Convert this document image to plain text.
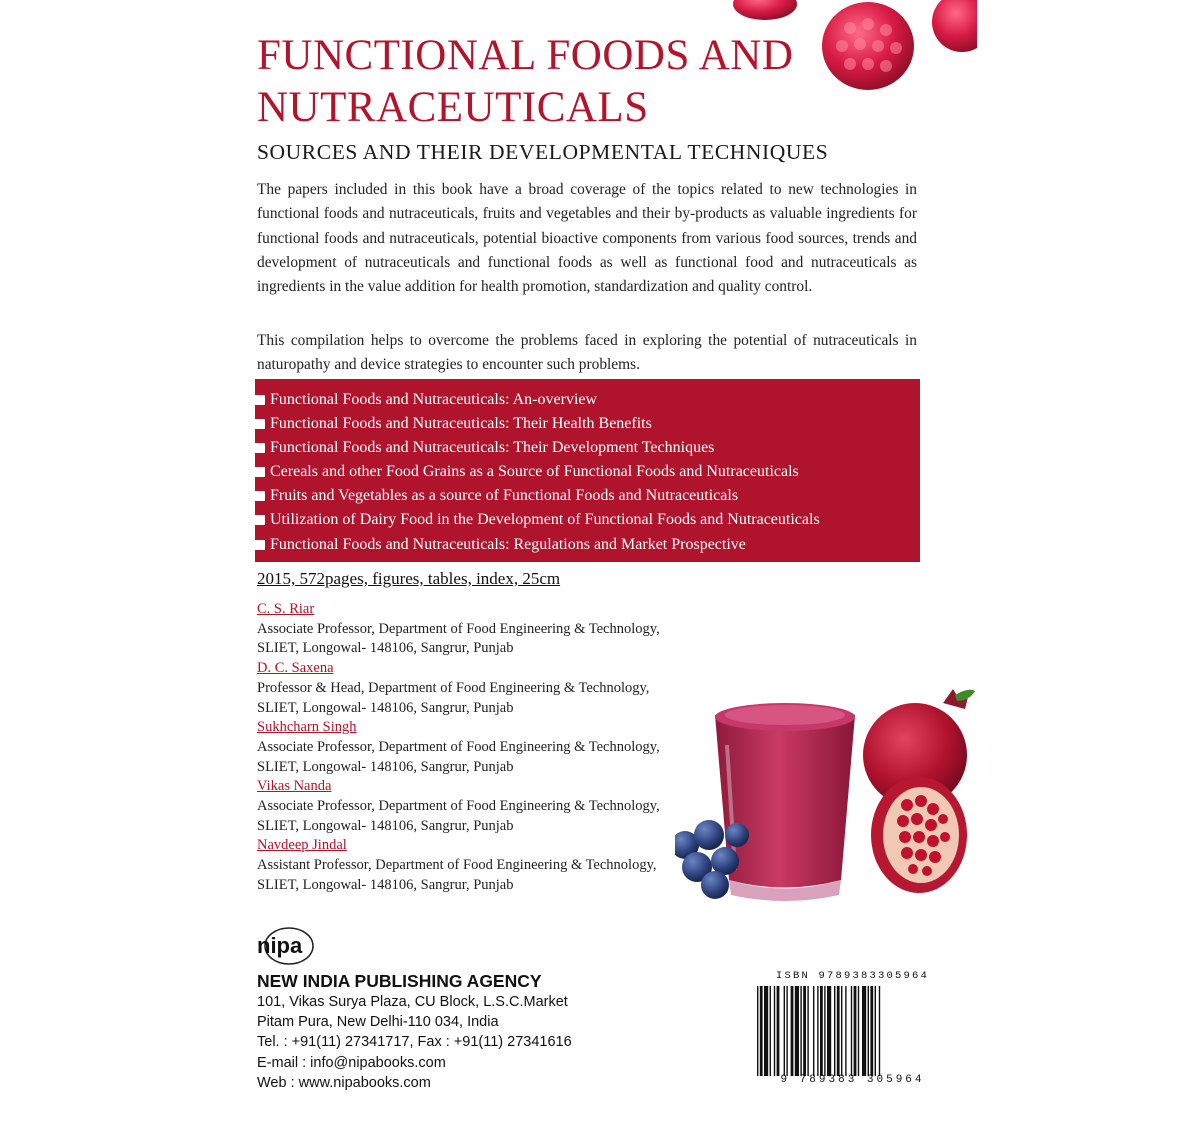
FUNCTIONAL FOODS AND NUTRACEUTICALS

SOURCES AND THEIR DEVELOPMENTAL TECHNIQUES

The papers included in this book have a broad coverage of the topics related to new technologies in functional foods and nutraceuticals, fruits and vegetables and their by-products as valuable ingredients for functional foods and nutraceuticals, potential bioactive components from various food sources, trends and development of nutraceuticals and functional foods as well as functional food and nutraceuticals as ingredients in the value addition for health promotion, standardization and quality control.

This compilation helps to overcome the problems faced in exploring the potential of nutraceuticals in naturopathy and device strategies to encounter such problems.

Functional Foods and Nutraceuticals: An-overview
Functional Foods and Nutraceuticals: Their Health Benefits
Functional Foods and Nutraceuticals: Their Development Techniques
Cereals and other Food Grains as a Source of Functional Foods and Nutraceuticals
Fruits and Vegetables as a source of Functional Foods and Nutraceuticals
Utilization of Dairy Food in the Development of Functional Foods and Nutraceuticals
Functional Foods and Nutraceuticals: Regulations and Market Prospective

2015, 572pages, figures, tables, index, 25cm

C. S. Riar
Associate Professor, Department of Food Engineering & Technology,
SLIET, Longowal- 148106, Sangrur, Punjab
D. C. Saxena
Professor & Head, Department of Food Engineering & Technology,
SLIET, Longowal- 148106, Sangrur, Punjab
Sukhcharn Singh
Associate Professor, Department of Food Engineering & Technology,
SLIET, Longowal- 148106, Sangrur, Punjab
Vikas Nanda
Associate Professor, Department of Food Engineering & Technology,
SLIET, Longowal- 148106, Sangrur, Punjab
Navdeep Jindal
Assistant Professor, Department of Food Engineering & Technology,
SLIET, Longowal- 148106, Sangrur, Punjab
nipa

NEW INDIA PUBLISHING AGENCY

101, Vikas Surya Plaza, CU Block, L.S.C.Market

Pitam Pura, New Delhi-110 034, India

Tel. : +91(11) 27341717, Fax : +91(11) 27341616

E-mail : info@nipabooks.com

Web : www.nipabooks.com

ISBN 9789383305964
9 789383 305964
